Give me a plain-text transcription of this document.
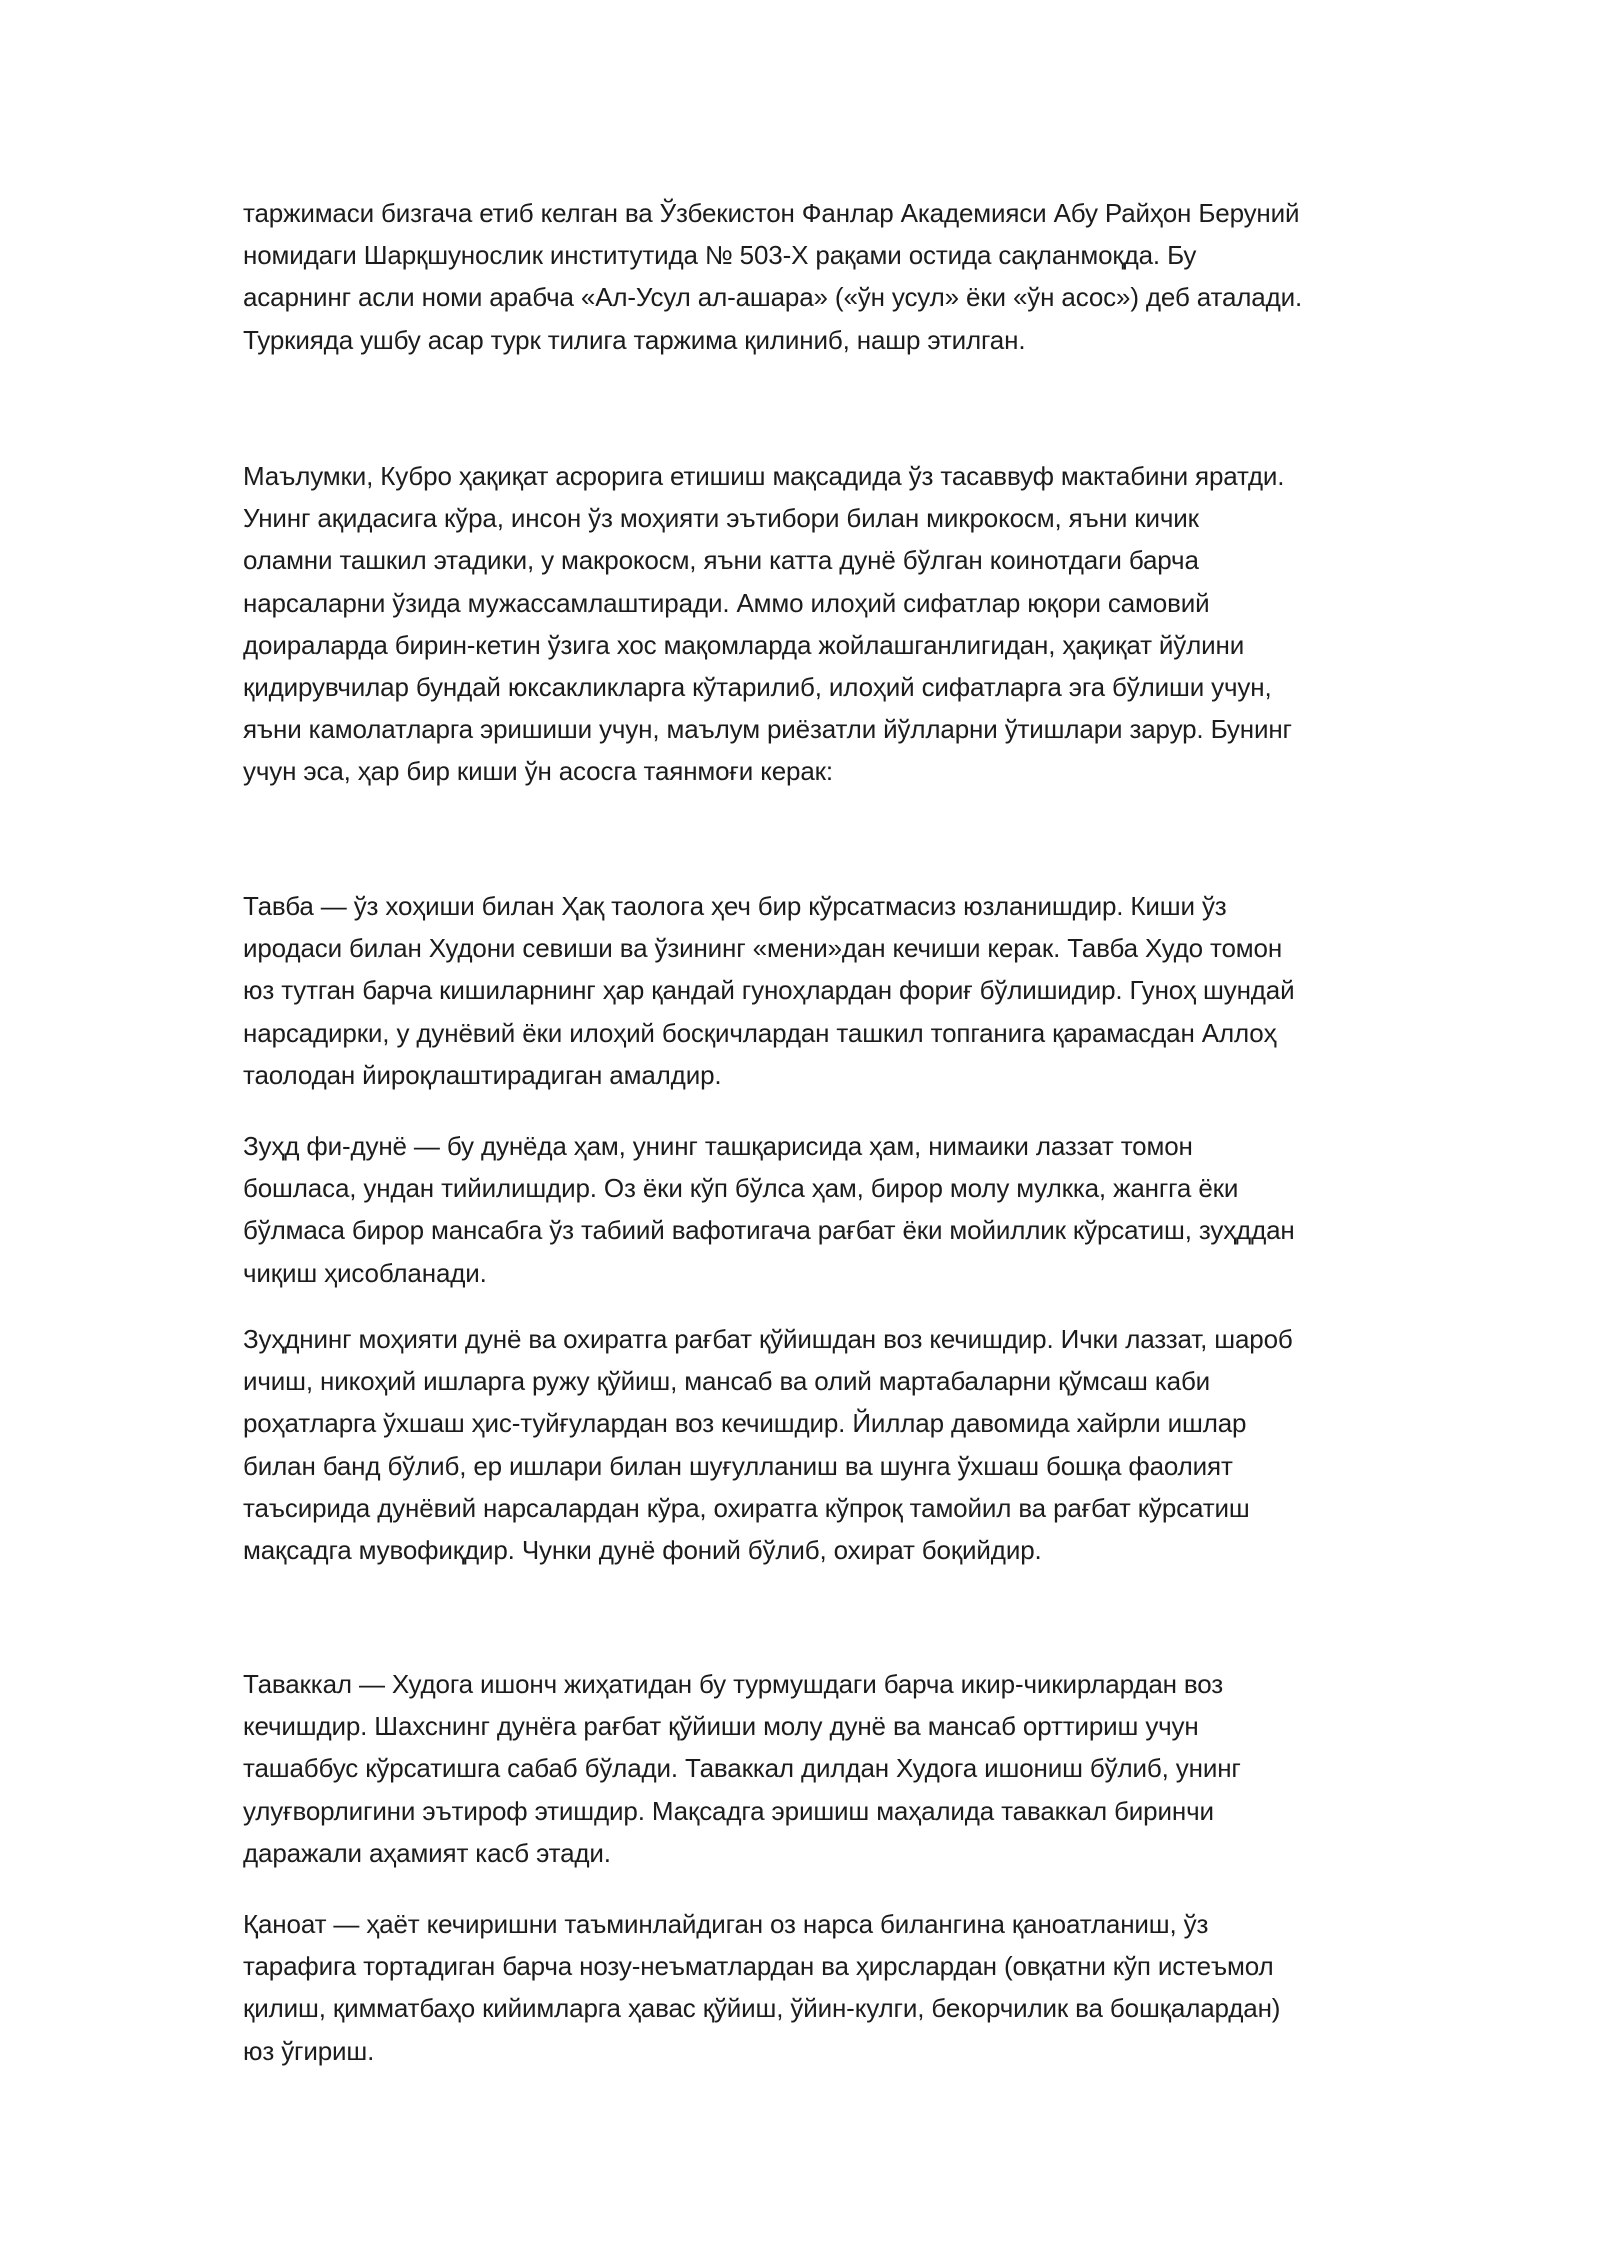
таржимаси бизгача етиб келган ва Ўзбекистон Фанлар Академияси Абу Райҳон Беруний
номидаги Шарқшунослик институтида № 503-Х рақами остида сақланмоқда. Бу
асарнинг асли номи арабча «Ал-Усул ал-ашара» («ўн усул» ёки «ўн асос») деб аталади.
Туркияда ушбу асар турк тилига таржима қилиниб, нашр этилган.
Маълумки, Кубро ҳақиқат асрорига етишиш мақсадида ўз тасаввуф мактабини яратди.
Унинг ақидасига кўра, инсон ўз моҳияти эътибори билан микрокосм, яъни кичик
оламни ташкил этадики, у макрокосм, яъни катта дунё бўлган коинотдаги барча
нарсаларни ўзида мужассамлаштиради. Аммо илоҳий сифатлар юқори самовий
доираларда бирин-кетин ўзига хос мақомларда жойлашганлигидан, ҳақиқат йўлини
қидирувчилар бундай юксакликларга кўтарилиб, илоҳий сифатларга эга бўлиши учун,
яъни камолатларга эришиши учун, маълум риёзатли йўлларни ўтишлари зарур. Бунинг
учун эса, ҳар бир киши ўн асосга таянмоғи керак:
Тавба — ўз хоҳиши билан Ҳақ таологa ҳеч бир кўрсатмасиз юзланишдир. Киши ўз
иродаси билан Худони севиши ва ўзининг «мени»дан кечиши керак. Тавба Худо томон
юз тутган барча кишиларнинг ҳар қандай гуноҳлардан фориғ бўлишидир. Гуноҳ шундай
нарсадирки, у дунёвий ёки илоҳий босқичлардан ташкил топганига қарамасдан Аллоҳ
таолодан йироқлаштирадиган амалдир.
Зуҳд фи-дунё — бу дунёда ҳам, унинг ташқарисида ҳам, нимаики лаззат томон
бошласа, ундан тийилишдир. Оз ёки кўп бўлса ҳам, бирор молу мулкка, жангга ёки
бўлмаса бирор мансабга ўз табиий вафотигача рағбат ёки мойиллик кўрсатиш, зуҳддан
чиқиш ҳисобланади.
Зуҳднинг моҳияти дунё ва охиратга рағбат қўйишдан воз кечишдир. Ички лаззат, шароб
ичиш, никоҳий ишларга ружу қўйиш, мансаб ва олий мартабаларни қўмсаш каби
роҳатларга ўхшаш ҳис-туйғулардан воз кечишдир. Йиллар давомида хайрли ишлар
билан банд бўлиб, ер ишлари билан шуғулланиш ва шунга ўхшаш бошқа фаолият
таъсирида дунёвий нарсалардан кўра, охиратга кўпроқ тамойил ва рағбат кўрсатиш
мақсадга мувофиқдир. Чунки дунё фоний бўлиб, охират боқийдир.
Таваккал — Худога ишонч жиҳатидан бу турмушдаги барча икир-чикирлардан воз
кечишдир. Шахснинг дунёга рағбат қўйиши молу дунё ва мансаб орттириш учун
ташаббус кўрсатишга сабаб бўлади. Таваккал дилдан Худога ишониш бўлиб, унинг
улуғворлигини эътироф этишдир. Мақсадга эришиш маҳалида таваккал биринчи
даражали аҳамият касб этади.
Қаноат — ҳаёт кечиришни таъминлайдиган оз нарса билангина қаноатланиш, ўз
тарафига тортадиган барча нозу-неъматлардан ва ҳирслардан (овқатни кўп истеъмол
қилиш, қимматбаҳо кийимларга ҳавас қўйиш, ўйин-кулги, бекорчилик ва бошқалардан)
юз ўгириш.
